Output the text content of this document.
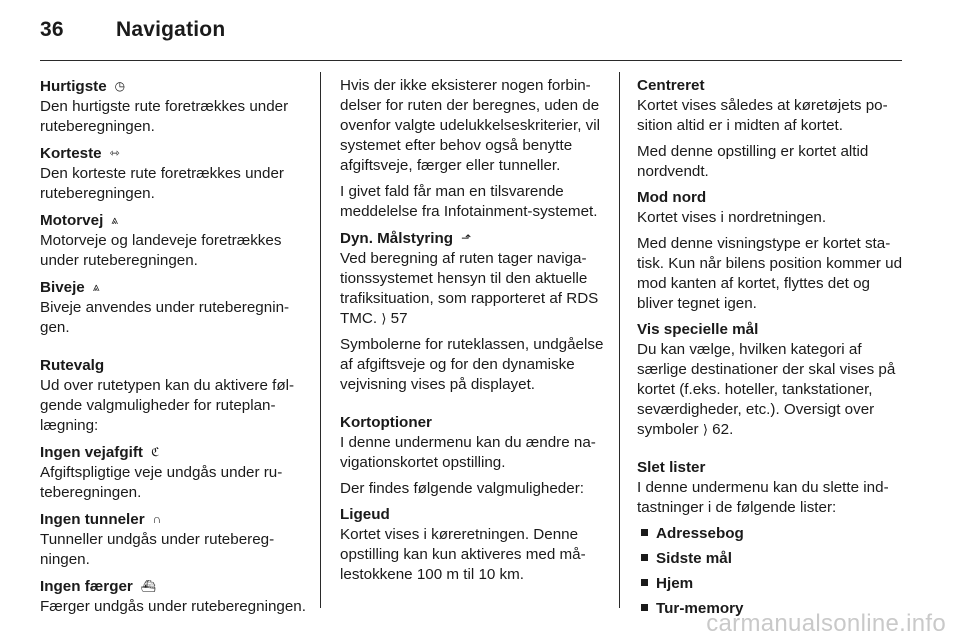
36 Navigation
Hurtigste ◷
Den hurtigste rute foretrækkes under ruteberegningen.
Korteste ⇿
Den korteste rute foretrækkes under ruteberegningen.
Motorvej ⩓
Motorveje og landeveje foretrækkes under ruteberegningen.
Biveje ⩓
Biveje anvendes under ruteberegningen.
Rutevalg
Ud over rutetypen kan du aktivere følgende valgmuligheder for ruteplanlægning:
Ingen vejafgift ℭ
Afgiftspligtige veje undgås under ruteberegningen.
Ingen tunneler ∩
Tunneller undgås under ruteberegningen.
Ingen færger ⛴
Færger undgås under ruteberegningen.
Hvis der ikke eksisterer nogen forbindelser for ruten der beregnes, uden de ovenfor valgte udelukkelseskriterier, vil systemet efter behov også benytte afgiftsveje, færger eller tunneller.
I givet fald får man en tilsvarende meddelelse fra Infotainment-systemet.
Dyn. Målstyring ⬏
Ved beregning af ruten tager navigationssystemet hensyn til den aktuelle trafiksituation, som rapporteret af RDS TMC. ⟩ 57
Symbolerne for ruteklassen, undgåelse af afgiftsveje og for den dynamiske vejvisning vises på displayet.
Kortoptioner
I denne undermenu kan du ændre navigationskortet opstilling.
Der findes følgende valgmuligheder:
Ligeud
Kortet vises i køreretningen. Denne opstilling kan kun aktiveres med målestokkene 100 m til 10 km.
Centreret
Kortet vises således at køretøjets position altid er i midten af kortet.
Med denne opstilling er kortet altid nordvendt.
Mod nord
Kortet vises i nordretningen.
Med denne visningstype er kortet statisk. Kun når bilens position kommer ud mod kanten af kortet, flyttes det og bliver tegnet igen.
Vis specielle mål
Du kan vælge, hvilken kategori af særlige destinationer der skal vises på kortet (f.eks. hoteller, tankstationer, seværdigheder, etc.). Oversigt over symboler ⟩ 62.
Slet lister
I denne undermenu kan du slette indtastninger i de følgende lister:
Adressebog
Sidste mål
Hjem
Tur-memory
carmanualsonline.info
